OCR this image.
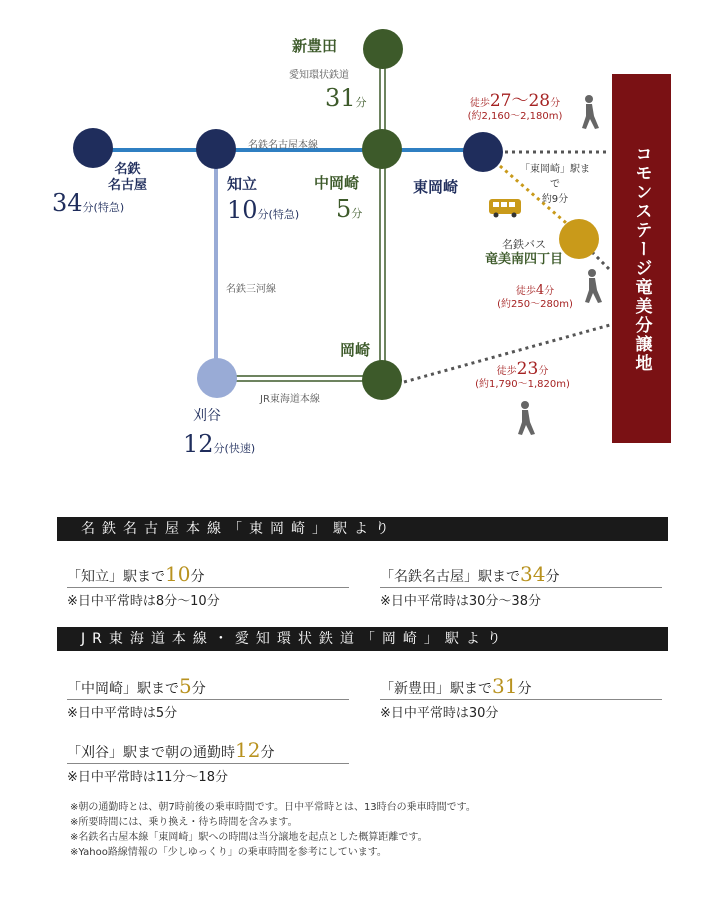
新豊田
愛知環状鉄道
31分
名鉄名古屋本線
名鉄
名古屋
34分(特急)
知立
10分(特急)
中岡崎
5分
東岡崎
名鉄三河線
岡崎
JR東海道本線
刈谷
12分(快速)
徒歩27～28分
(約2,160～2,180m)
「東岡崎」駅まで
約9分
名鉄バス
竜美南四丁目
徒歩4分
(約250～280m)
徒歩23分
(約1,790～1,820m)
コモンステージ竜美分譲地
名鉄名古屋本線「東岡崎」駅より
「知立」駅まで10分
※日中平常時は8分～10分
「名鉄名古屋」駅まで34分
※日中平常時は30分～38分
JR東海道本線・愛知環状鉄道「岡崎」駅より
「中岡崎」駅まで5分
※日中平常時は5分
「新豊田」駅まで31分
※日中平常時は30分
「刈谷」駅まで朝の通勤時12分
※日中平常時は11分～18分
※朝の通勤時とは、朝7時前後の乗車時間です。日中平常時とは、13時台の乗車時間です。
※所要時間には、乗り換え・待ち時間を含みます。
※名鉄名古屋本線「東岡崎」駅への時間は当分譲地を起点とした概算距離です。
※Yahoo路線情報の「少しゆっくり」の乗車時間を参考にしています。
